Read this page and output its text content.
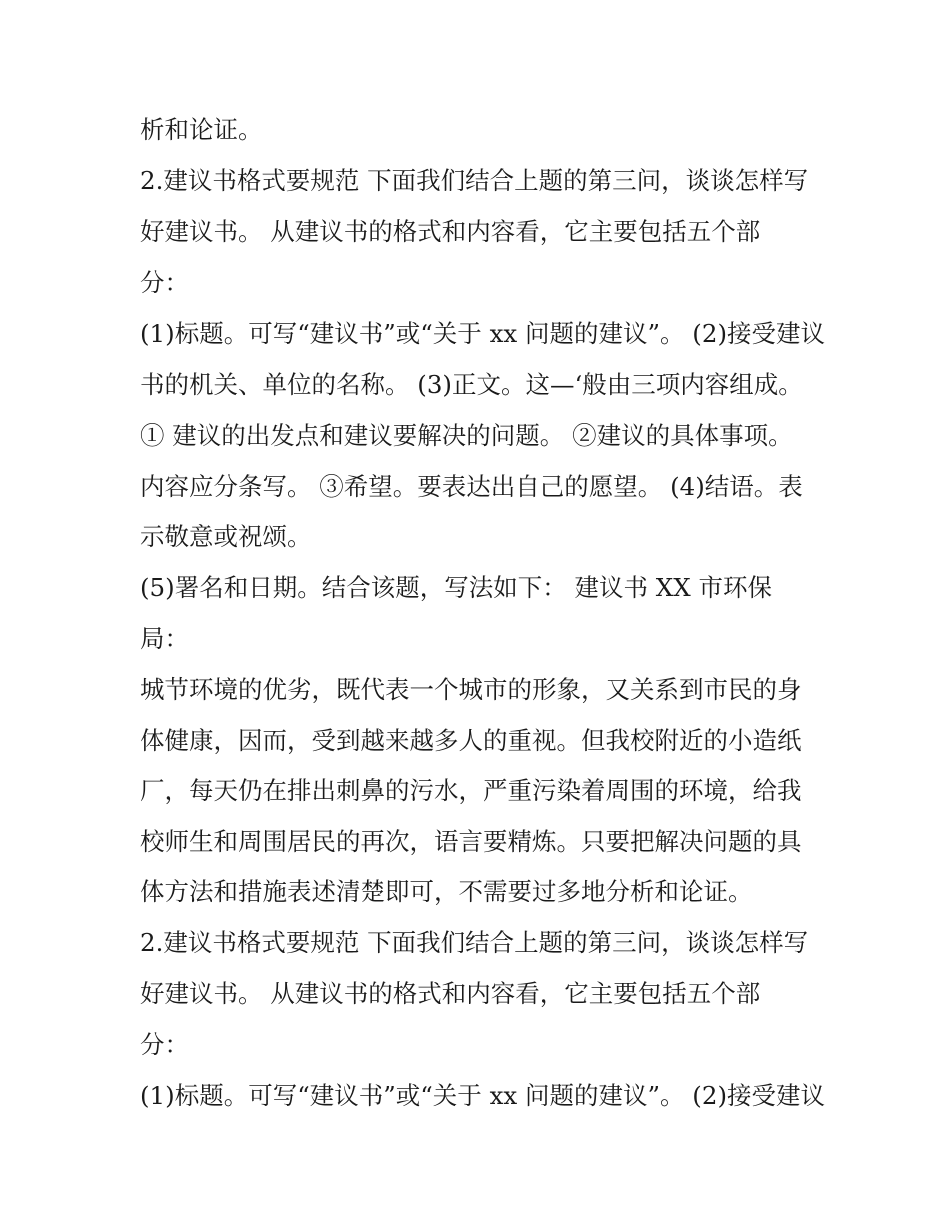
析和论证。
2.建议书格式要规范 下面我们结合上题的第三问，谈谈怎样写
好建议书。 从建议书的格式和内容看，它主要包括五个部
分：
(1)标题。可写“建议书”或“关于 xx 问题的建议”。 (2)接受建议
书的机关、单位的名称。 (3)正文。这—‘般由三项内容组成。
① 建议的出发点和建议要解决的问题。 ②建议的具体事项。
内容应分条写。 ③希望。要表达出自己的愿望。 (4)结语。表
示敬意或祝颂。
(5)署名和日期。结合该题，写法如下： 建议书 XX 市环保
局：
城节环境的优劣，既代表一个城市的形象，又关系到市民的身
体健康，因而，受到越来越多人的重视。但我校附近的小造纸
厂，每天仍在排出刺鼻的污水，严重污染着周围的环境，给我
校师生和周围居民的再次，语言要精炼。只要把解决问题的具
体方法和措施表述清楚即可，不需要过多地分析和论证。
2.建议书格式要规范 下面我们结合上题的第三问，谈谈怎样写
好建议书。 从建议书的格式和内容看，它主要包括五个部
分：
(1)标题。可写“建议书”或“关于 xx 问题的建议”。 (2)接受建议
